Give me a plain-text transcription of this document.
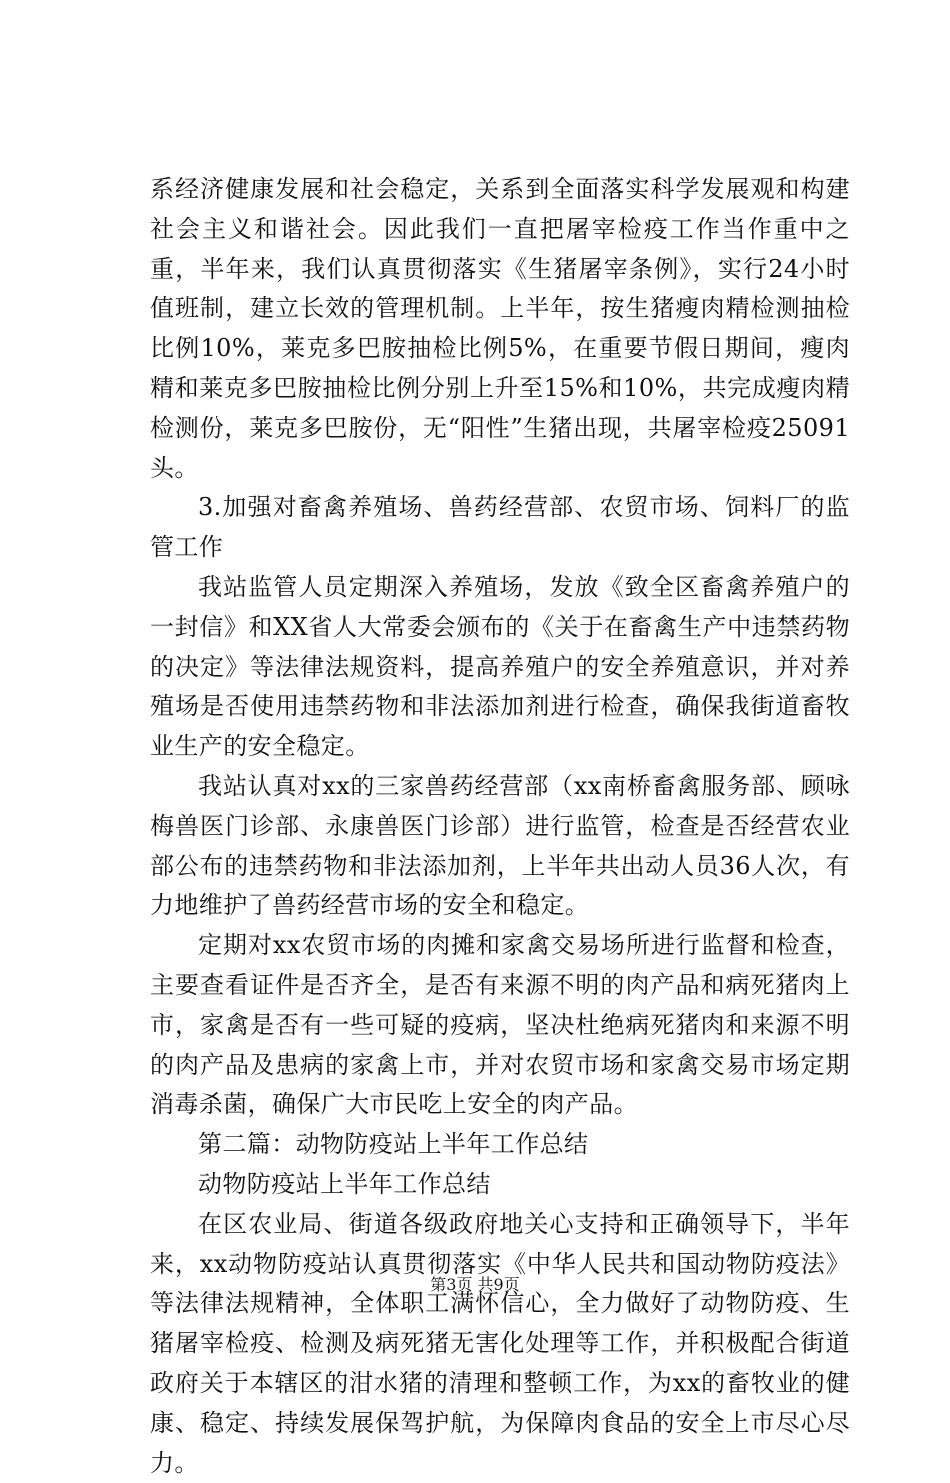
系经济健康发展和社会稳定，关系到全面落实科学发展观和构建社会主义和谐社会。因此我们一直把屠宰检疫工作当作重中之重，半年来，我们认真贯彻落实《生猪屠宰条例》，实行24小时值班制，建立长效的管理机制。上半年，按生猪瘦肉精检测抽检比例10%，莱克多巴胺抽检比例5%，在重要节假日期间，瘦肉精和莱克多巴胺抽检比例分别上升至15%和10%，共完成瘦肉精检测份，莱克多巴胺份，无“阳性”生猪出现，共屠宰检疫25091头。

3.加强对畜禽养殖场、兽药经营部、农贸市场、饲料厂的监管工作

我站监管人员定期深入养殖场，发放《致全区畜禽养殖户的一封信》和XX省人大常委会颁布的《关于在畜禽生产中违禁药物的决定》等法律法规资料，提高养殖户的安全养殖意识，并对养殖场是否使用违禁药物和非法添加剂进行检查，确保我街道畜牧业生产的安全稳定。

我站认真对xx的三家兽药经营部（xx南桥畜禽服务部、顾咏梅兽医门诊部、永康兽医门诊部）进行监管，检查是否经营农业部公布的违禁药物和非法添加剂，上半年共出动人员36人次，有力地维护了兽药经营市场的安全和稳定。

定期对xx农贸市场的肉摊和家禽交易场所进行监督和检查，主要查看证件是否齐全，是否有来源不明的肉产品和病死猪肉上市，家禽是否有一些可疑的疫病，坚决杜绝病死猪肉和来源不明的肉产品及患病的家禽上市，并对农贸市场和家禽交易市场定期消毒杀菌，确保广大市民吃上安全的肉产品。

第二篇：动物防疫站上半年工作总结

动物防疫站上半年工作总结

在区农业局、街道各级政府地关心支持和正确领导下，半年来，xx动物防疫站认真贯彻落实《中华人民共和国动物防疫法》等法律法规精神，全体职工满怀信心，全力做好了动物防疫、生猪屠宰检疫、检测及病死猪无害化处理等工作，并积极配合街道政府关于本辖区的泔水猪的清理和整顿工作，为xx的畜牧业的健康、稳定、持续发展保驾护航，为保障肉食品的安全上市尽心尽力。

第3页 共9页
